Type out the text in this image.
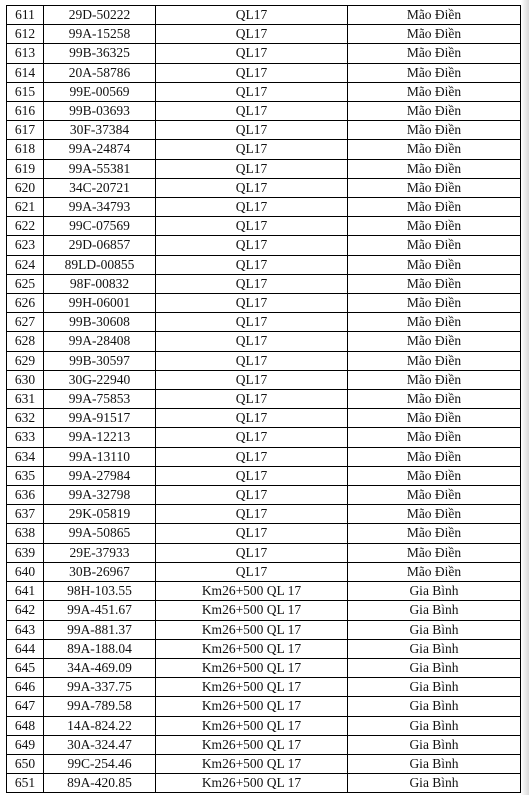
611	29D-50222	QL17	Mão Điền
612	99A-15258	QL17	Mão Điền
613	99B-36325	QL17	Mão Điền
614	20A-58786	QL17	Mão Điền
615	99E-00569	QL17	Mão Điền
616	99B-03693	QL17	Mão Điền
617	30F-37384	QL17	Mão Điền
618	99A-24874	QL17	Mão Điền
619	99A-55381	QL17	Mão Điền
620	34C-20721	QL17	Mão Điền
621	99A-34793	QL17	Mão Điền
622	99C-07569	QL17	Mão Điền
623	29D-06857	QL17	Mão Điền
624	89LD-00855	QL17	Mão Điền
625	98F-00832	QL17	Mão Điền
626	99H-06001	QL17	Mão Điền
627	99B-30608	QL17	Mão Điền
628	99A-28408	QL17	Mão Điền
629	99B-30597	QL17	Mão Điền
630	30G-22940	QL17	Mão Điền
631	99A-75853	QL17	Mão Điền
632	99A-91517	QL17	Mão Điền
633	99A-12213	QL17	Mão Điền
634	99A-13110	QL17	Mão Điền
635	99A-27984	QL17	Mão Điền
636	99A-32798	QL17	Mão Điền
637	29K-05819	QL17	Mão Điền
638	99A-50865	QL17	Mão Điền
639	29E-37933	QL17	Mão Điền
640	30B-26967	QL17	Mão Điền
641	98H-103.55	Km26+500 QL 17	Gia Bình
642	99A-451.67	Km26+500 QL 17	Gia Bình
643	99A-881.37	Km26+500 QL 17	Gia Bình
644	89A-188.04	Km26+500 QL 17	Gia Bình
645	34A-469.09	Km26+500 QL 17	Gia Bình
646	99A-337.75	Km26+500 QL 17	Gia Bình
647	99A-789.58	Km26+500 QL 17	Gia Bình
648	14A-824.22	Km26+500 QL 17	Gia Bình
649	30A-324.47	Km26+500 QL 17	Gia Bình
650	99C-254.46	Km26+500 QL 17	Gia Bình
651	89A-420.85	Km26+500 QL 17	Gia Bình
